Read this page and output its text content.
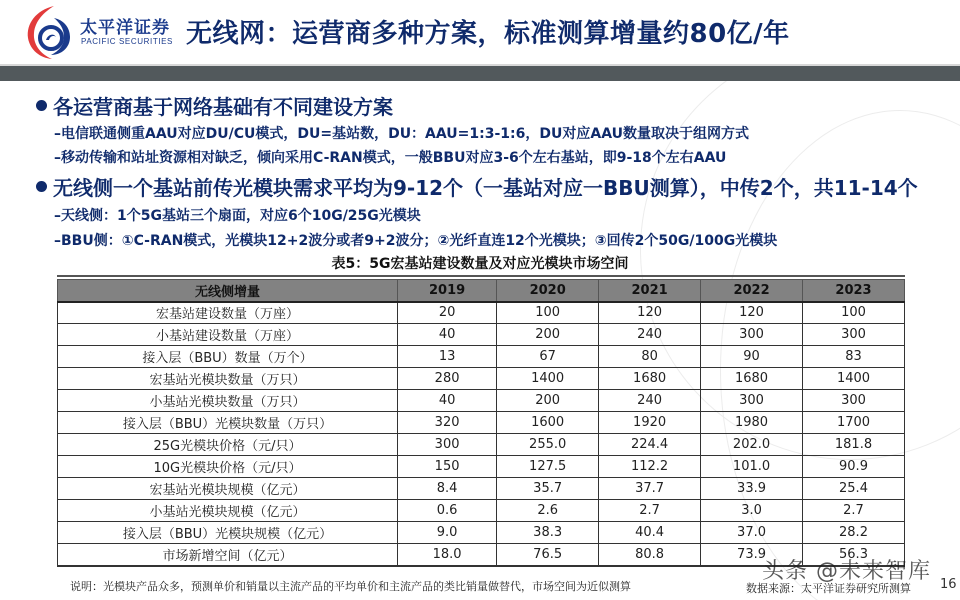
太平洋证券
PACIFIC SECURITIES 无线网：运营商多种方案，标准测算增量约80亿/年
各运营商基于网络基础有不同建设方案
–电信联通侧重AAU对应DU/CU模式，DU=基站数，DU：AAU=1:3-1:6，DU对应AAU数量取决于组网方式
–移动传输和站址资源相对缺乏，倾向采用C-RAN模式，一般BBU对应3-6个左右基站，即9-18个左右AAU
无线侧一个基站前传光模块需求平均为9-12个（一基站对应一BBU测算），中传2个，共11-14个
–天线侧：1个5G基站三个扇面，对应6个10G/25G光模块
–BBU侧：①C-RAN模式，光模块12+2波分或者9+2波分；②光纤直连12个光模块；③回传2个50G/100G光模块
表5：5G宏基站建设数量及对应光模块市场空间
无线侧增量	2019	2020	2021	2022	2023
宏基站建设数量（万座）	20	100	120	120	100
小基站建设数量（万座）	40	200	240	300	300
接入层（BBU）数量（万个）	13	67	80	90	83
宏基站光模块数量（万只）	280	1400	1680	1680	1400
小基站光模块数量（万只）	40	200	240	300	300
接入层（BBU）光模块数量（万只）	320	1600	1920	1980	1700
25G光模块价格（元/只）	300	255.0	224.4	202.0	181.8
10G光模块价格（元/只）	150	127.5	112.2	101.0	90.9
宏基站光模块规模（亿元）	8.4	35.7	37.7	33.9	25.4
小基站光模块规模（亿元）	0.6	2.6	2.7	3.0	2.7
接入层（BBU）光模块规模（亿元）	9.0	38.3	40.4	37.0	28.2
市场新增空间（亿元）	18.0	76.5	80.8	73.9	56.3
说明：光模块产品众多，预测单价和销量以主流产品的平均单价和主流产品的类比销量做替代，市场空间为近似测算	数据来源：太平洋证券研究所测算 16
头条 @未来智库
